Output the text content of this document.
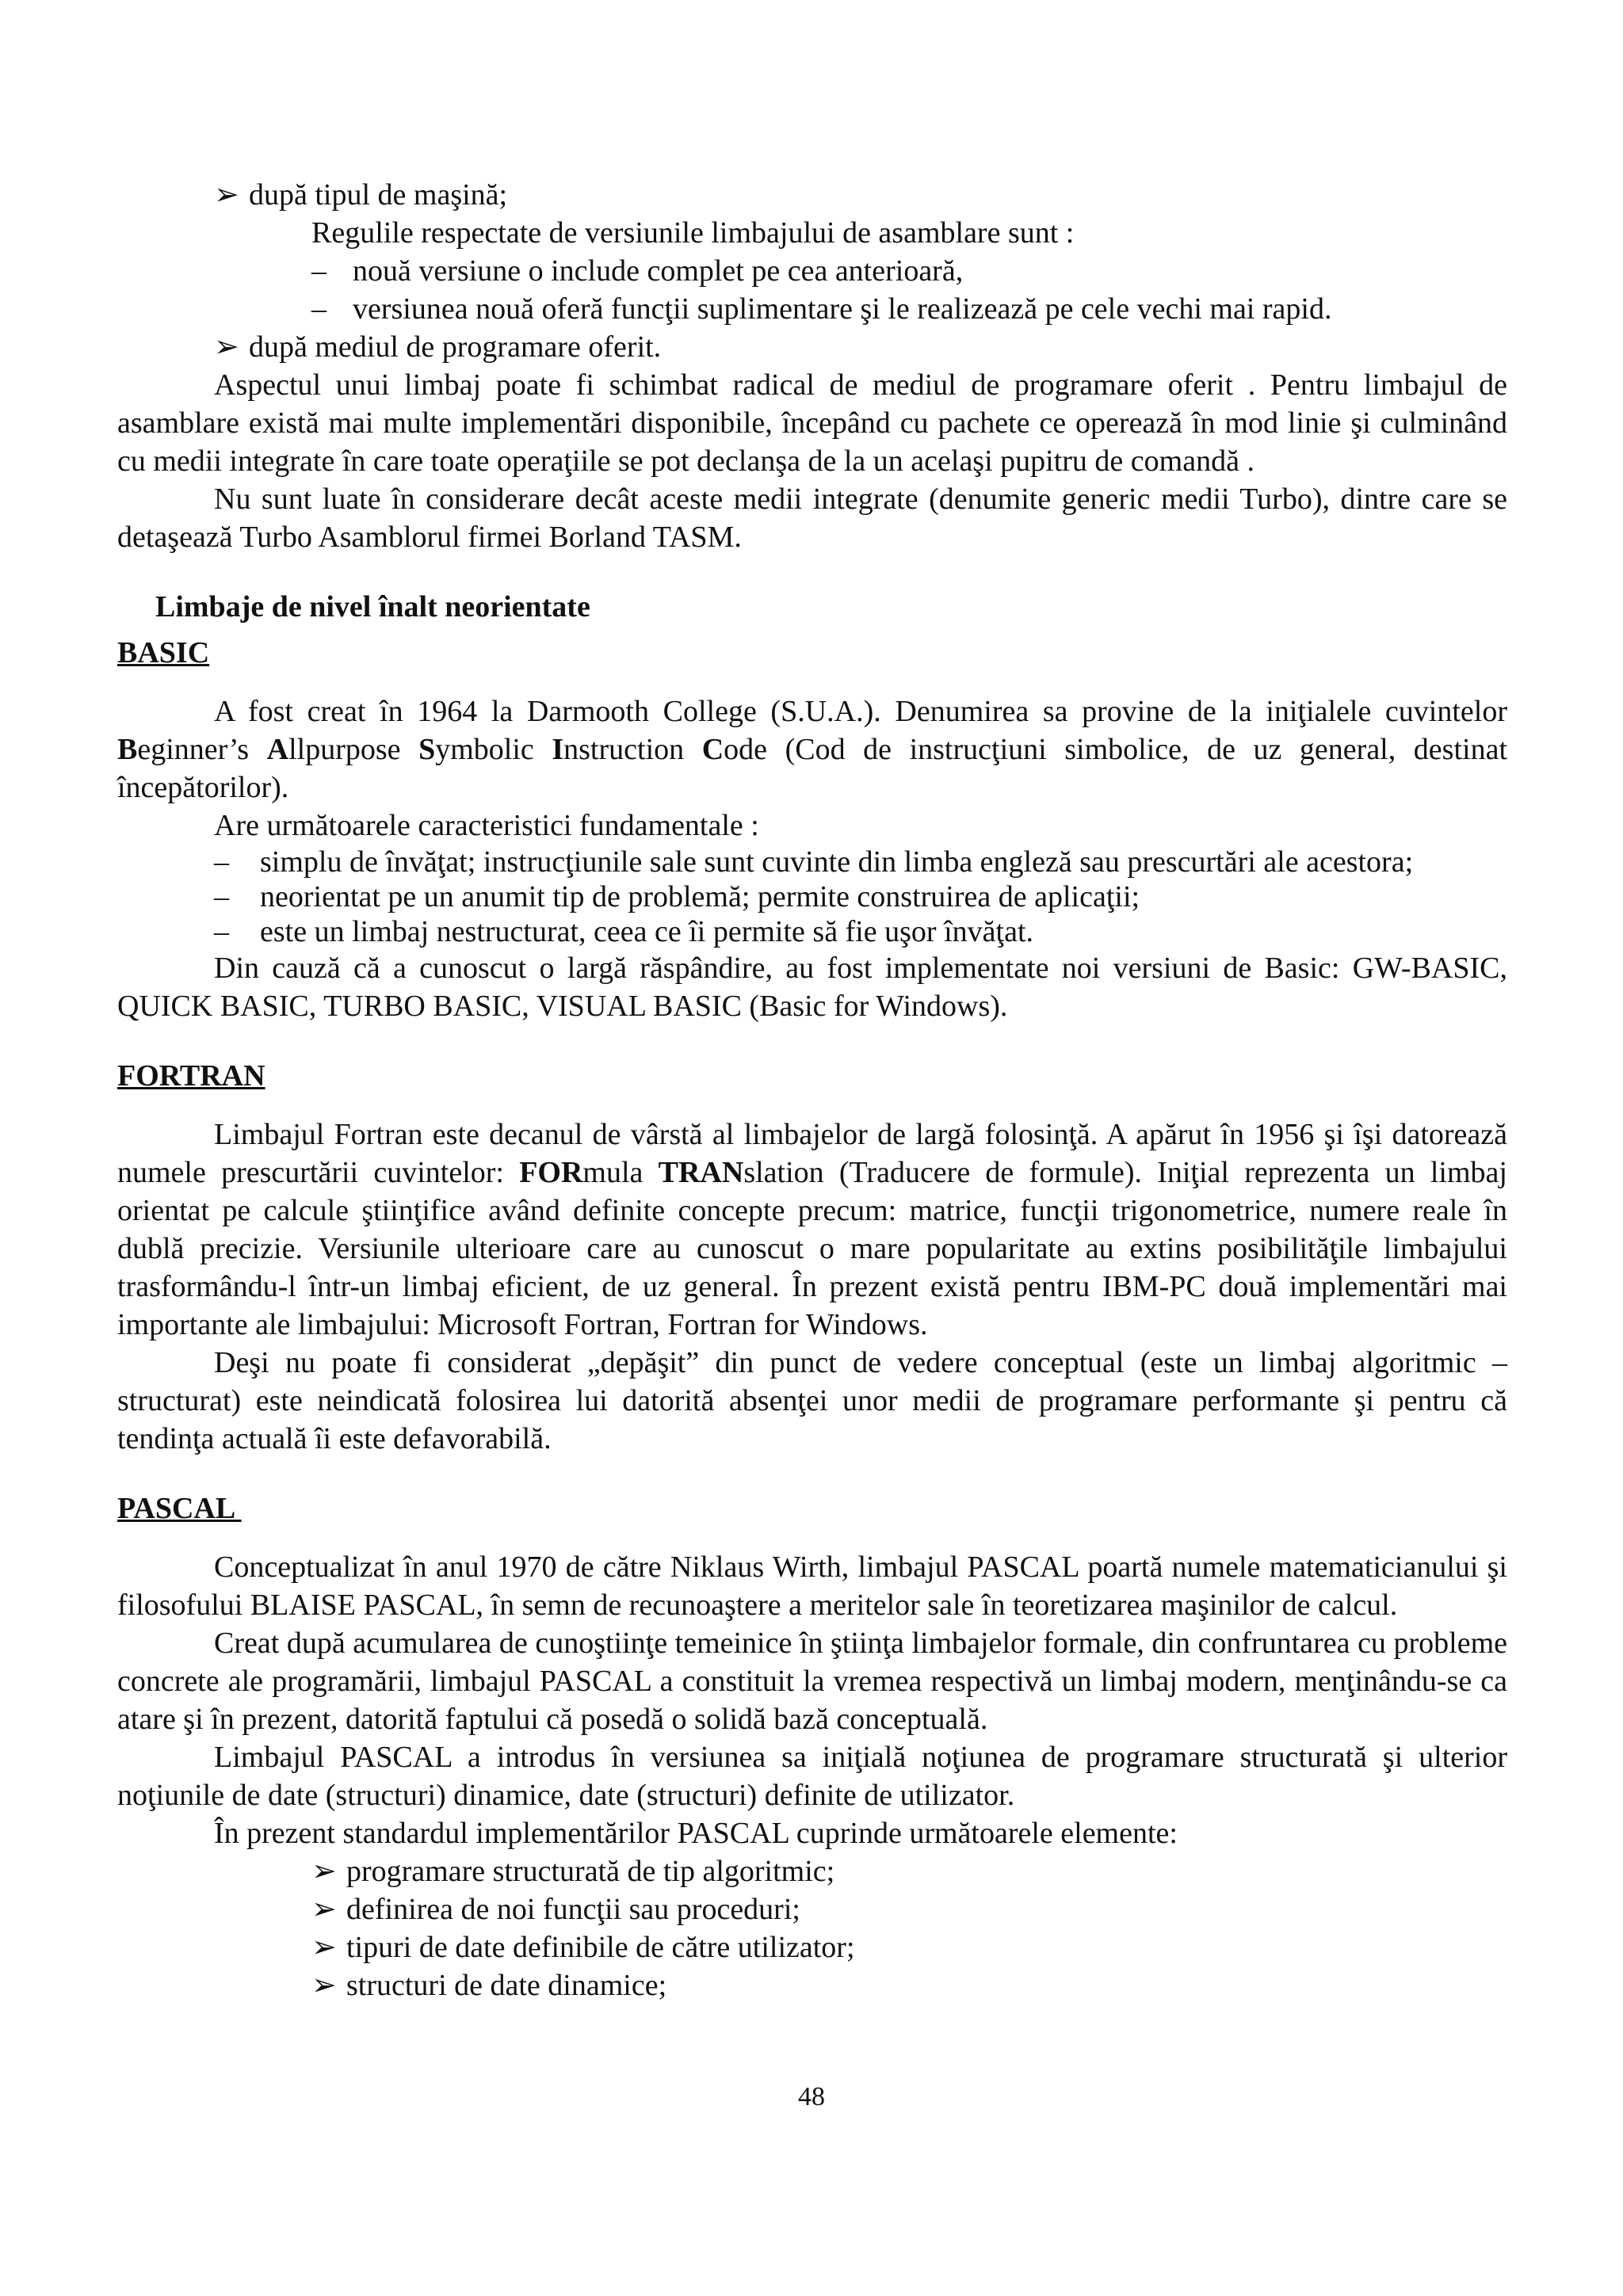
➢ după tipul de maşină;

Regulile respectate de versiunile limbajului de asamblare sunt :

– nouă versiune o include complet pe cea anterioară,

– versiunea nouă oferă funcţii suplimentare şi le realizează pe cele vechi mai rapid.

➢ după mediul de programare oferit.

Aspectul unui limbaj poate fi schimbat radical de mediul de programare oferit . Pentru limbajul de asamblare există mai multe implementări disponibile, începând cu pachete ce operează în mod linie şi culminând cu medii integrate în care toate operaţiile se pot declanşa de la un acelaşi pupitru de comandă .

Nu sunt luate în considerare decât aceste medii integrate (denumite generic medii Turbo), dintre care se detaşează Turbo Asamblorul firmei Borland TASM.

Limbaje de nivel înalt neorientate
BASIC

A fost creat în 1964 la Darmooth College (S.U.A.). Denumirea sa provine de la iniţialele cuvintelor Beginner’s Allpurpose Symbolic Instruction Code (Cod de instrucţiuni simbolice, de uz general, destinat începătorilor).

Are următoarele caracteristici fundamentale :

–	simplu de învăţat; instrucţiunile sale sunt cuvinte din limba engleză sau prescurtări ale acestora;
–	neorientat pe un anumit tip de problemă; permite construirea de aplicaţii;
–	este un limbaj nestructurat, ceea ce îi permite să fie uşor învăţat.

Din cauză că a cunoscut o largă răspândire, au fost implementate noi versiuni de Basic: GW-BASIC, QUICK BASIC, TURBO BASIC, VISUAL BASIC (Basic for Windows).

FORTRAN

Limbajul Fortran este decanul de vârstă al limbajelor de largă folosinţă. A apărut în 1956 şi îşi datorează numele prescurtării cuvintelor: FORmula TRANslation (Traducere de formule). Iniţial reprezenta un limbaj orientat pe calcule ştiinţifice având definite concepte precum: matrice, funcţii trigonometrice, numere reale în dublă precizie. Versiunile ulterioare care au cunoscut o mare popularitate au extins posibilităţile limbajului trasformându-l într-un limbaj eficient, de uz general. În prezent există pentru IBM-PC două implementări mai importante ale limbajului: Microsoft Fortran, Fortran for Windows.

Deşi nu poate fi considerat „depăşit” din punct de vedere conceptual (este un limbaj algoritmic – structurat) este neindicată folosirea lui datorită absenţei unor medii de programare performante şi pentru că tendinţa actuală îi este defavorabilă.

PASCAL

Conceptualizat în anul 1970 de către Niklaus Wirth, limbajul PASCAL poartă numele matematicianului şi filosofului BLAISE PASCAL, în semn de recunoaştere a meritelor sale în teoretizarea maşinilor de calcul.

Creat după acumularea de cunoştiinţe temeinice în ştiinţa limbajelor formale, din confruntarea cu probleme concrete ale programării, limbajul PASCAL a constituit la vremea respectivă un limbaj modern, menţinându-se ca atare şi în prezent, datorită faptului că posedă o solidă bază conceptuală.

Limbajul PASCAL a introdus în versiunea sa iniţială noţiunea de programare structurată şi ulterior noţiunile de date (structuri) dinamice, date (structuri) definite de utilizator.

În prezent standardul implementărilor PASCAL cuprinde următoarele elemente:

➢ programare structurată de tip algoritmic;

➢ definirea de noi funcţii sau proceduri;

➢ tipuri de date definibile de către utilizator;

➢ structuri de date dinamice;

48
